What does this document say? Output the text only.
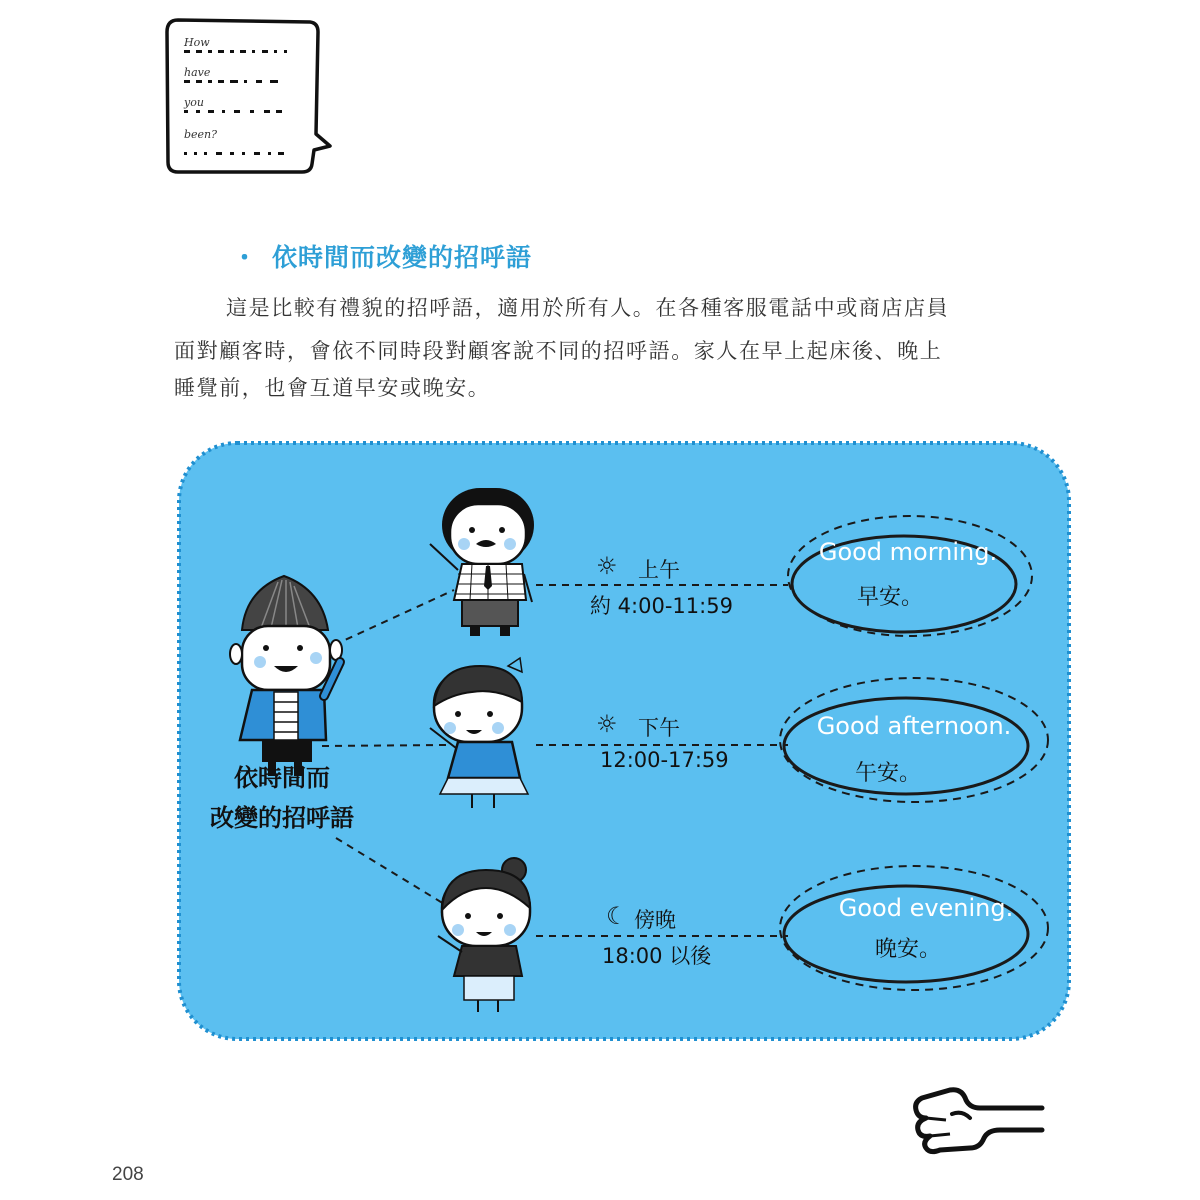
How
have
you
been?
・ 依時間而改變的招呼語
這是比較有禮貌的招呼語，適用於所有人。在各種客服電話中或商店店員
面對顧客時，會依不同時段對顧客說不同的招呼語。家人在早上起床後、晚上
睡覺前，也會互道早安或晚安。
依時間而
改變的招呼語
☼ 上午
約 4:00-11:59
Good morning.
早安。
☼ 下午
12:00-17:59
Good afternoon.
午安。
☾ 傍晚
18:00 以後
Good evening.
晚安。
208
